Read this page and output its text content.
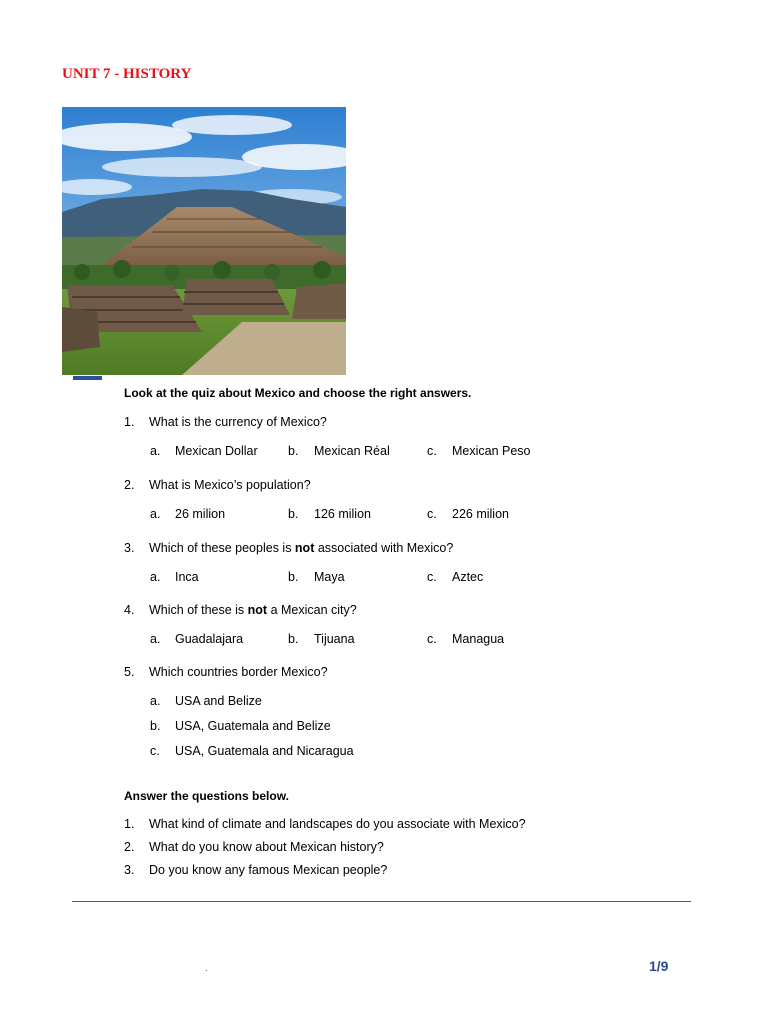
UNIT 7 - HISTORY
Look at the quiz about Mexico and choose the right answers.
1. What is the currency of Mexico?
a. Mexican Dollar b. Mexican Réal	c. Mexican Peso
2. What is Mexico’s population?
a. 26 milion	b. 126 milion	c. 226 milion
3. Which of these peoples is not associated with Mexico?
a. Inca	b. Maya	c. Aztec
4. Which of these is not a Mexican city?
a. Guadalajara	b. Tijuana	c. Managua
5. Which countries border Mexico?
a. USA and Belize
b. USA, Guatemala and Belize
c. USA, Guatemala and Nicaragua
Answer the questions below.
1. What kind of climate and landscapes do you associate with Mexico?
2. What do you know about Mexican history?
3. Do you know any famous Mexican people?
.	1/9
